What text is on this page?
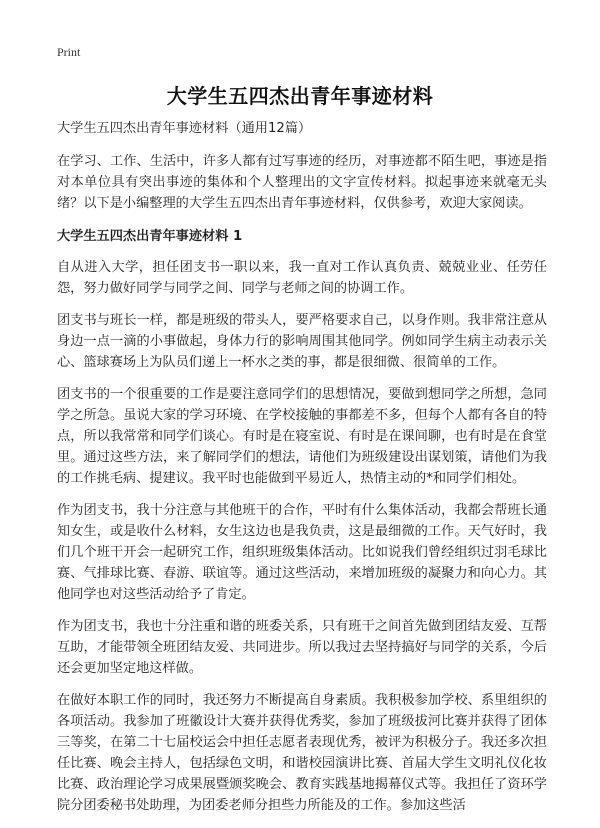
Print
大学生五四杰出青年事迹材料

大学生五四杰出青年事迹材料（通用12篇）

在学习、工作、生活中，许多人都有过写事迹的经历，对事迹都不陌生吧，事迹是指对本单位具有突出事迹的集体和个人整理出的文字宣传材料。拟起事迹来就毫无头绪？以下是小编整理的大学生五四杰出青年事迹材料，仅供参考，欢迎大家阅读。

大学生五四杰出青年事迹材料 1

自从进入大学，担任团支书一职以来，我一直对工作认真负责、兢兢业业、任劳任怨，努力做好同学与同学之间、同学与老师之间的协调工作。

团支书与班长一样，都是班级的带头人，要严格要求自己，以身作则。我非常注意从身边一点一滴的小事做起，身体力行的影响周围其他同学。例如同学生病主动表示关心、篮球赛场上为队员们递上一杯水之类的事，都是很细微、很简单的工作。

团支书的一个很重要的工作是要注意同学们的思想情况，要做到想同学之所想，急同学之所急。虽说大家的学习环境、在学校接触的事都差不多，但每个人都有各自的特点，所以我常常和同学们谈心。有时是在寝室说、有时是在课间聊，也有时是在食堂里。通过这些方法，来了解同学们的想法，请他们为班级建设出谋划策，请他们为我的工作挑毛病、提建议。我平时也能做到平易近人，热情主动的*和同学们相处。

作为团支书，我十分注意与其他班干的合作，平时有什么集体活动，我都会帮班长通知女生，或是收什么材料，女生这边也是我负责，这是最细微的工作。天气好时，我们几个班干开会一起研究工作，组织班级集体活动。比如说我们曾经组织过羽毛球比赛、气排球比赛、春游、联谊等。通过这些活动，来增加班级的凝聚力和向心力。其他同学也对这些活动给予了肯定。

作为团支书，我也十分注重和谐的班委关系，只有班干之间首先做到团结友爱、互帮互助，才能带领全班团结友爱、共同进步。所以我过去坚持搞好与同学的关系，今后还会更加坚定地这样做。

在做好本职工作的同时，我还努力不断提高自身素质。我积极参加学校、系里组织的各项活动。我参加了班徽设计大赛并获得优秀奖，参加了班级拔河比赛并获得了团体三等奖，在第二十七届校运会中担任志愿者表现优秀，被评为积极分子。我还多次担任比赛、晚会主持人，包括绿色文明，和谐校园演讲比赛、首届大学生文明礼仪化妆比赛、政治理论学习成果展暨颁奖晚会、教育实践基地揭幕仪式等。我担任了资环学院分团委秘书处助理，为团委老师分担些力所能及的工作。参加这些活
